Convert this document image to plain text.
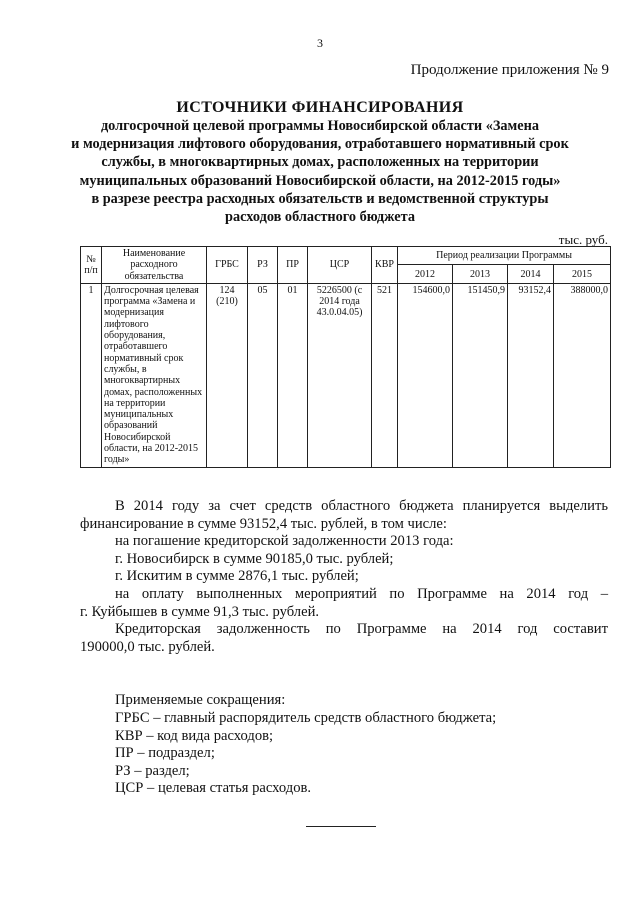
3
Продолжение приложения № 9
ИСТОЧНИКИ ФИНАНСИРОВАНИЯ

долгосрочной целевой программы Новосибирской области «Замена

и модернизация лифтового оборудования, отработавшего нормативный срок

службы, в многоквартирных домах, расположенных на территории

муниципальных образований Новосибирской области, на 2012-2015 годы»

в разрезе реестра расходных обязательств и ведомственной структуры

расходов областного бюджета

тыс. руб.
№ п/п	Наименование расходного обязательства	ГРБС	РЗ	ПР	ЦСР	КВР	Период реализации Программы			
							2012	2013	2014	2015
1	Долгосрочная целевая программа «Замена и модернизация лифтового оборудования, отработавшего нормативный срок службы, в многоквартирных домах, расположенных на территории муниципальных образований Новосибирской области, на 2012-2015 годы»	124 (210)	05	01	5226500 (с 2014 года 43.0.04.05)	521	154600,0	151450,9	93152,4	388000,0

В 2014 году за счет средств областного бюджета планируется выделить

финансирование в сумме 93152,4 тыс. рублей, в том числе:

на погашение кредиторской задолженности 2013 года:

г. Новосибирск в сумме 90185,0 тыс. рублей;

г. Искитим в сумме 2876,1 тыс. рублей;

на оплату выполненных мероприятий по Программе на 2014 год –

г. Куйбышев в сумме 91,3 тыс. рублей.

Кредиторская задолженность по Программе на 2014 год составит

190000,0 тыс. рублей.

Применяемые сокращения:

ГРБС – главный распорядитель средств областного бюджета;

КВР – код вида расходов;

ПР – подраздел;

РЗ – раздел;

ЦСР – целевая статья расходов.
